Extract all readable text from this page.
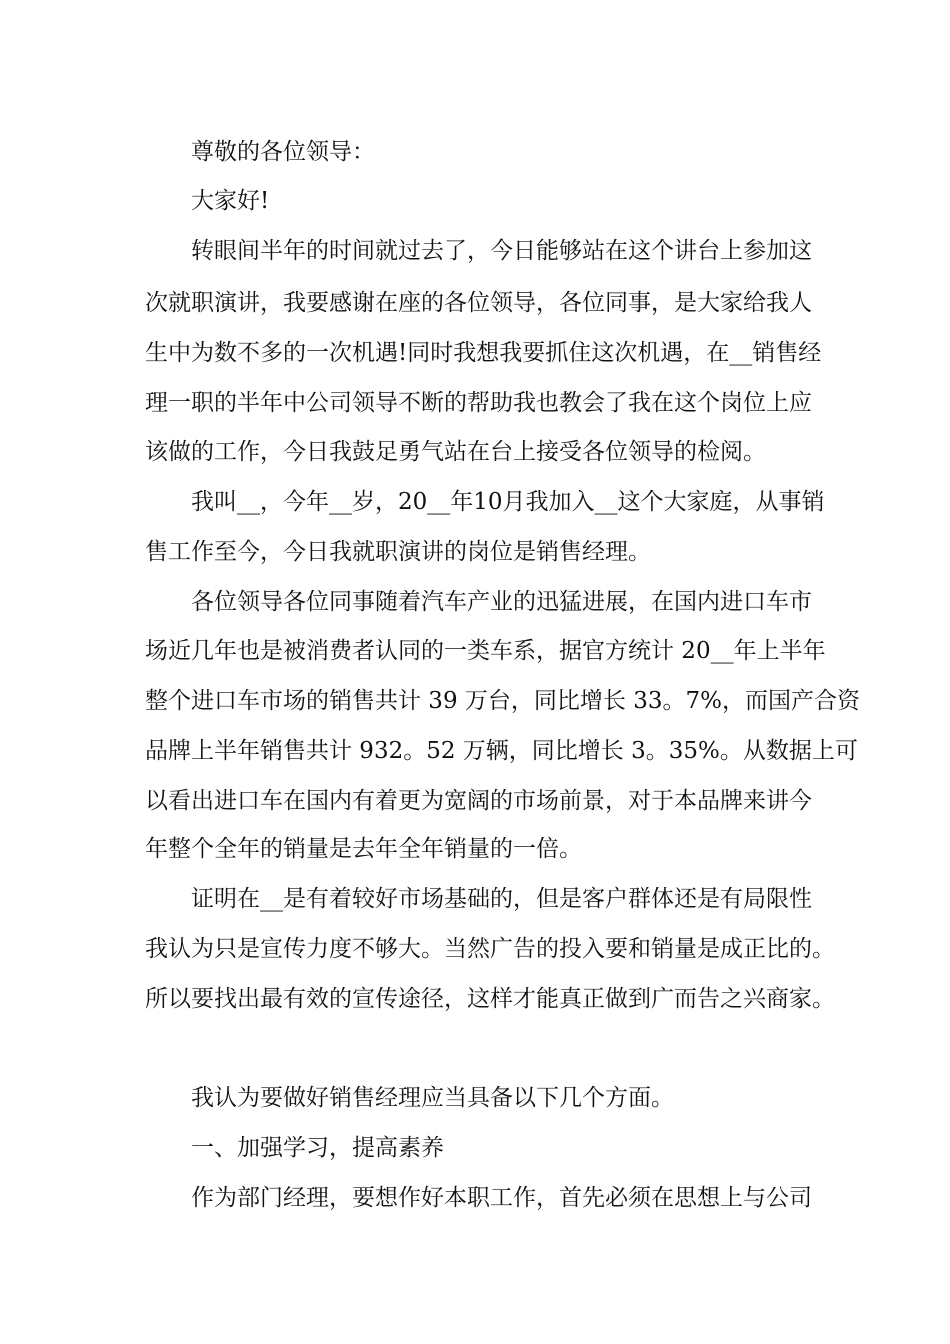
尊敬的各位领导：
大家好!
转眼间半年的时间就过去了，今日能够站在这个讲台上参加这
次就职演讲，我要感谢在座的各位领导，各位同事，是大家给我人
生中为数不多的一次机遇!同时我想我要抓住这次机遇，在__销售经
理一职的半年中公司领导不断的帮助我也教会了我在这个岗位上应
该做的工作，今日我鼓足勇气站在台上接受各位领导的检阅。
我叫__，今年__岁，20__年10月我加入__这个大家庭，从事销
售工作至今，今日我就职演讲的岗位是销售经理。
各位领导各位同事随着汽车产业的迅猛进展，在国内进口车市
场近几年也是被消费者认同的一类车系，据官方统计 20__年上半年
整个进口车市场的销售共计 39 万台，同比增长 33。7%，而国产合资
品牌上半年销售共计 932。52 万辆，同比增长 3。35%。从数据上可
以看出进口车在国内有着更为宽阔的市场前景，对于本品牌来讲今
年整个全年的销量是去年全年销量的一倍。
证明在__是有着较好市场基础的，但是客户群体还是有局限性
我认为只是宣传力度不够大。当然广告的投入要和销量是成正比的。
所以要找出最有效的宣传途径，这样才能真正做到广而告之兴商家。
我认为要做好销售经理应当具备以下几个方面。
一、加强学习，提高素养
作为部门经理，要想作好本职工作，首先必须在思想上与公司
